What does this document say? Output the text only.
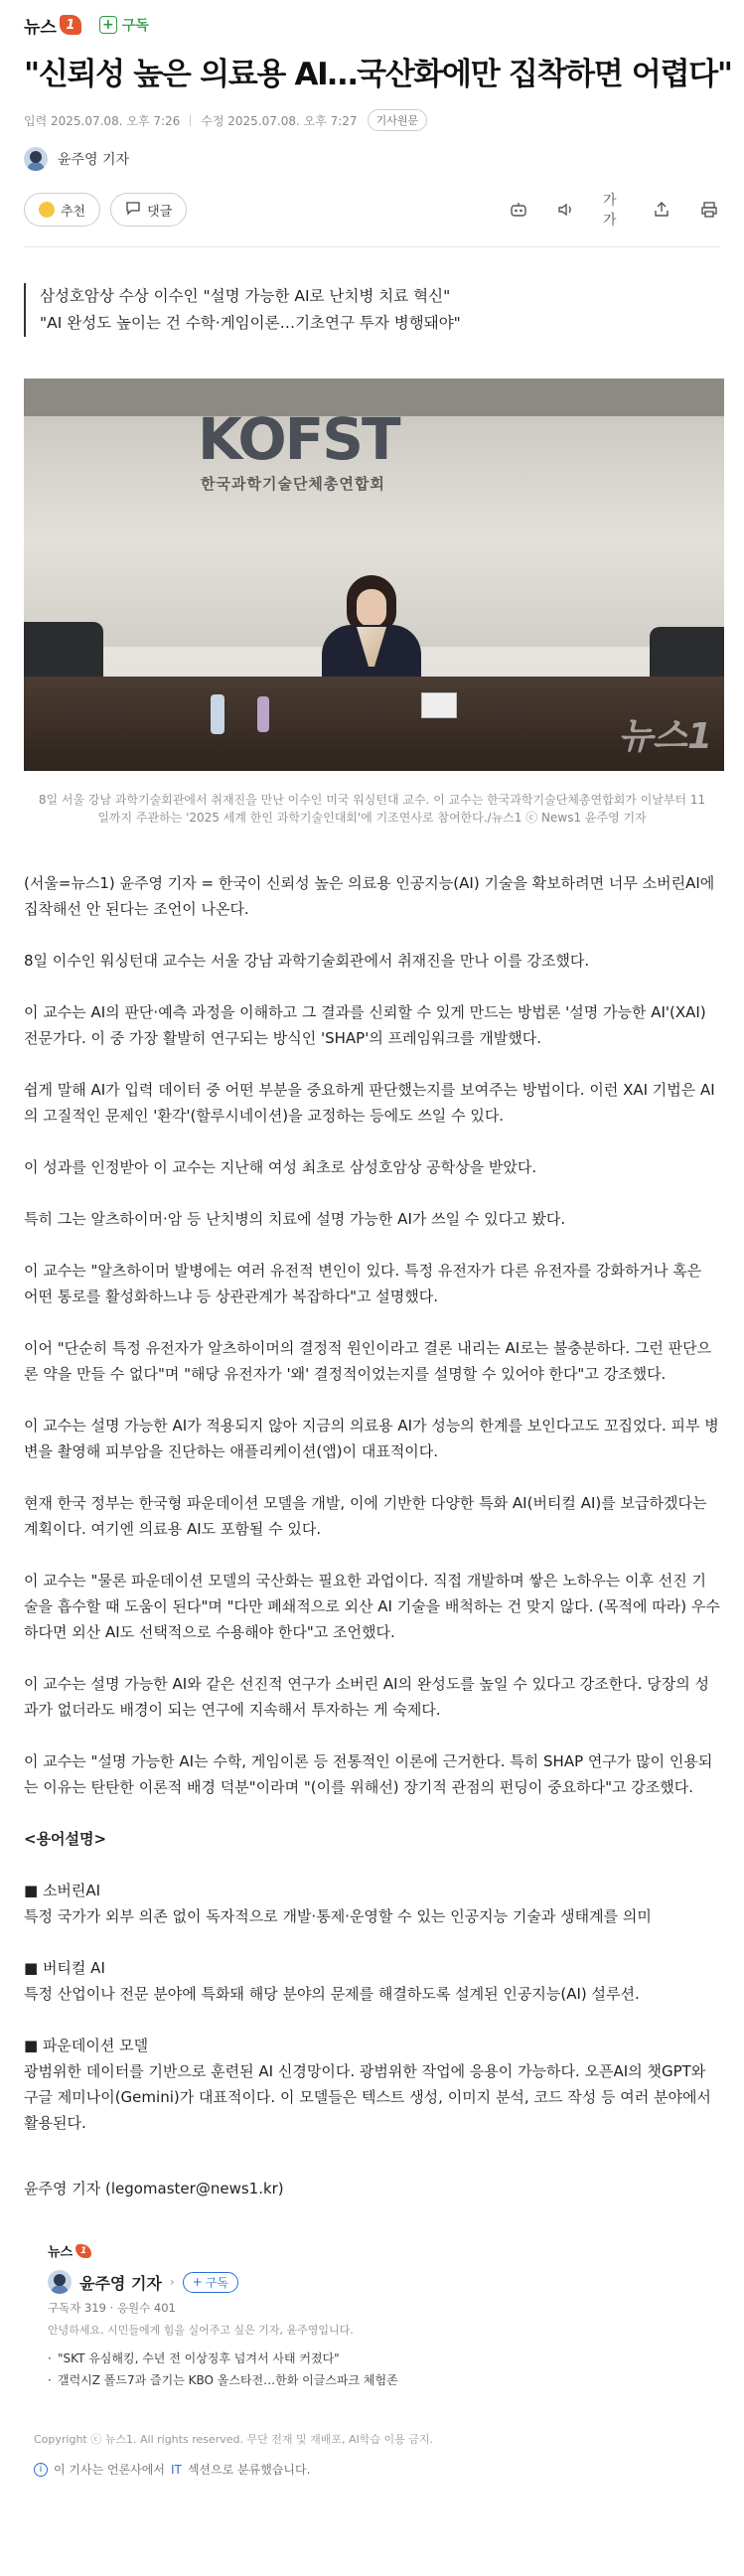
뉴스 1	+ 구독
"신뢰성 높은 의료용 AI…국산화에만 집착하면 어렵다"
입력 2025.07.08. 오후 7:26 수정 2025.07.08. 오후 7:27	기사원문
윤주영 기자
추천	댓글
가가
삼성호암상 수상 이수인 "설명 가능한 AI로 난치병 치료 혁신"
"AI 완성도 높이는 건 수학·게임이론…기초연구 투자 병행돼야"
KOFST
한국과학기술단체총연합회
뉴스1
8일 서울 강남 과학기술회관에서 취재진을 만난 이수인 미국 워싱턴대 교수. 이 교수는 한국과학기술단체총연합회가 이날부터 11일까지 주관하는 '2025 세계 한인 과학기술인대회'에 기조연사로 참여한다./뉴스1 ⓒ News1 윤주영 기자

(서울=뉴스1) 윤주영 기자 = 한국이 신뢰성 높은 의료용 인공지능(AI) 기술을 확보하려면 너무 소버린AI에 집착해선 안 된다는 조언이 나온다.

8일 이수인 워싱턴대 교수는 서울 강남 과학기술회관에서 취재진을 만나 이를 강조했다.

이 교수는 AI의 판단·예측 과정을 이해하고 그 결과를 신뢰할 수 있게 만드는 방법론 '설명 가능한 AI'(XAI) 전문가다. 이 중 가장 활발히 연구되는 방식인 'SHAP'의 프레임워크를 개발했다.

쉽게 말해 AI가 입력 데이터 중 어떤 부분을 중요하게 판단했는지를 보여주는 방법이다. 이런 XAI 기법은 AI의 고질적인 문제인 '환각'(할루시네이션)을 교정하는 등에도 쓰일 수 있다.

이 성과를 인정받아 이 교수는 지난해 여성 최초로 삼성호암상 공학상을 받았다.

특히 그는 알츠하이머·암 등 난치병의 치료에 설명 가능한 AI가 쓰일 수 있다고 봤다.

이 교수는 "알츠하이머 발병에는 여러 유전적 변인이 있다. 특정 유전자가 다른 유전자를 강화하거나 혹은 어떤 통로를 활성화하느냐 등 상관관계가 복잡하다"고 설명했다.

이어 "단순히 특정 유전자가 알츠하이머의 결정적 원인이라고 결론 내리는 AI로는 불충분하다. 그런 판단으론 약을 만들 수 없다"며 "해당 유전자가 '왜' 결정적이었는지를 설명할 수 있어야 한다"고 강조했다.

이 교수는 설명 가능한 AI가 적용되지 않아 지금의 의료용 AI가 성능의 한계를 보인다고도 꼬집었다. 피부 병변을 촬영해 피부암을 진단하는 애플리케이션(앱)이 대표적이다.

현재 한국 정부는 한국형 파운데이션 모델을 개발, 이에 기반한 다양한 특화 AI(버티컬 AI)를 보급하겠다는 계획이다. 여기엔 의료용 AI도 포함될 수 있다.

이 교수는 "물론 파운데이션 모델의 국산화는 필요한 과업이다. 직접 개발하며 쌓은 노하우는 이후 선진 기술을 흡수할 때 도움이 된다"며 "다만 폐쇄적으로 외산 AI 기술을 배척하는 건 맞지 않다. (목적에 따라) 우수하다면 외산 AI도 선택적으로 수용해야 한다"고 조언했다.

이 교수는 설명 가능한 AI와 같은 선진적 연구가 소버린 AI의 완성도를 높일 수 있다고 강조한다. 당장의 성과가 없더라도 배경이 되는 연구에 지속해서 투자하는 게 숙제다.

이 교수는 "설명 가능한 AI는 수학, 게임이론 등 전통적인 이론에 근거한다. 특히 SHAP 연구가 많이 인용되는 이유는 탄탄한 이론적 배경 덕분"이라며 "(이를 위해선) 장기적 관점의 펀딩이 중요하다"고 강조했다.

<용어설명>

■ 소버린AI
특정 국가가 외부 의존 없이 독자적으로 개발·통제·운영할 수 있는 인공지능 기술과 생태계를 의미
■ 버티컬 AI
특정 산업이나 전문 분야에 특화돼 해당 분야의 문제를 해결하도록 설계된 인공지능(AI) 설루션.
■ 파운데이션 모델
광범위한 데이터를 기반으로 훈련된 AI 신경망이다. 광범위한 작업에 응용이 가능하다. 오픈AI의 챗GPT와 구글 제미나이(Gemini)가 대표적이다. 이 모델들은 텍스트 생성, 이미지 분석, 코드 작성 등 여러 분야에서 활용된다.
윤주영 기자 (legomaster@news1.kr)
뉴스 1
윤주영 기자 › + 구독
구독자 319 · 응원수 401
안녕하세요. 시민들에게 힘을 실어주고 싶은 기자, 윤주영입니다.
· "SKT 유심해킹, 수년 전 이상징후 넘겨서 사태 커졌다"
· 갤럭시Z 폴드7과 즐기는 KBO 올스타전…한화 이글스파크 체험존
Copyright ⓒ 뉴스1. All rights reserved. 무단 전재 및 재배포, AI학습 이용 금지.
i 이 기사는 언론사에서 IT 섹션으로 분류했습니다.
